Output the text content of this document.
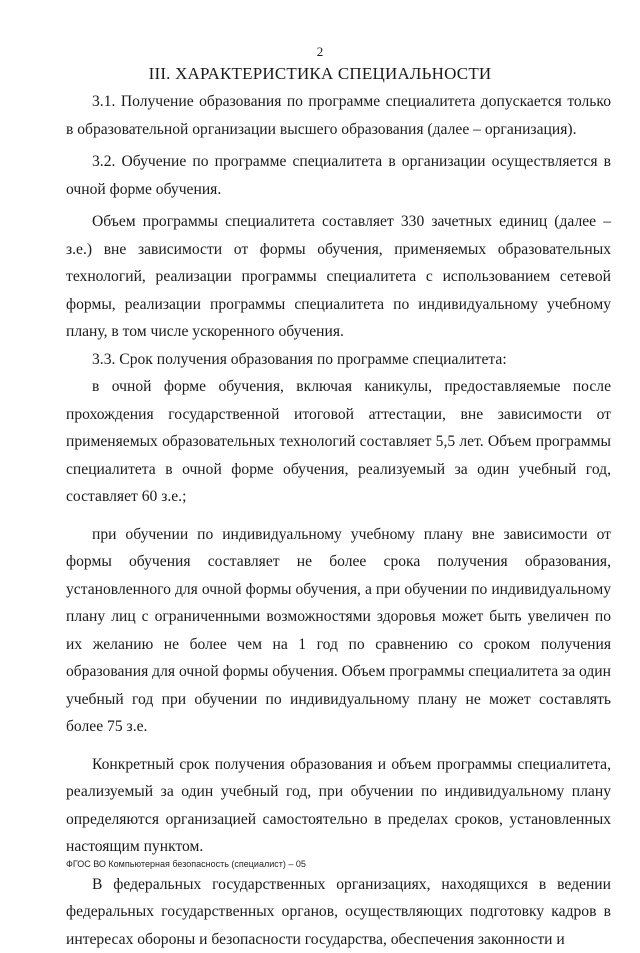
2
III. ХАРАКТЕРИСТИКА СПЕЦИАЛЬНОСТИ

3.1. Получение образования по программе специалитета допускается только в образовательной организации высшего образования (далее – организация).

3.2. Обучение по программе специалитета в организации осуществляется в очной форме обучения.

Объем программы специалитета составляет 330 зачетных единиц (далее – з.е.) вне зависимости от формы обучения, применяемых образовательных технологий, реализации программы специалитета с использованием сетевой формы, реализации программы специалитета по индивидуальному учебному плану, в том числе ускоренного обучения.

3.3. Срок получения образования по программе специалитета:

в очной форме обучения, включая каникулы, предоставляемые после прохождения государственной итоговой аттестации, вне зависимости от применяемых образовательных технологий составляет 5,5 лет. Объем программы специалитета в очной форме обучения, реализуемый за один учебный год, составляет 60 з.е.;

при обучении по индивидуальному учебному плану вне зависимости от формы обучения составляет не более срока получения образования, установленного для очной формы обучения, а при обучении по индивидуальному плану лиц с ограниченными возможностями здоровья может быть увеличен по их желанию не более чем на 1 год по сравнению со сроком получения образования для очной формы обучения. Объем программы специалитета за один учебный год при обучении по индивидуальному плану не может составлять более 75 з.е.

Конкретный срок получения образования и объем программы специалитета, реализуемый за один учебный год, при обучении по индивидуальному плану определяются организацией самостоятельно в пределах сроков, установленных настоящим пунктом.

В федеральных государственных организациях, находящихся в ведении федеральных государственных органов, осуществляющих подготовку кадров в интересах обороны и безопасности государства, обеспечения законности и

ФГОС ВО Компьютерная безопасность (специалист) – 05
